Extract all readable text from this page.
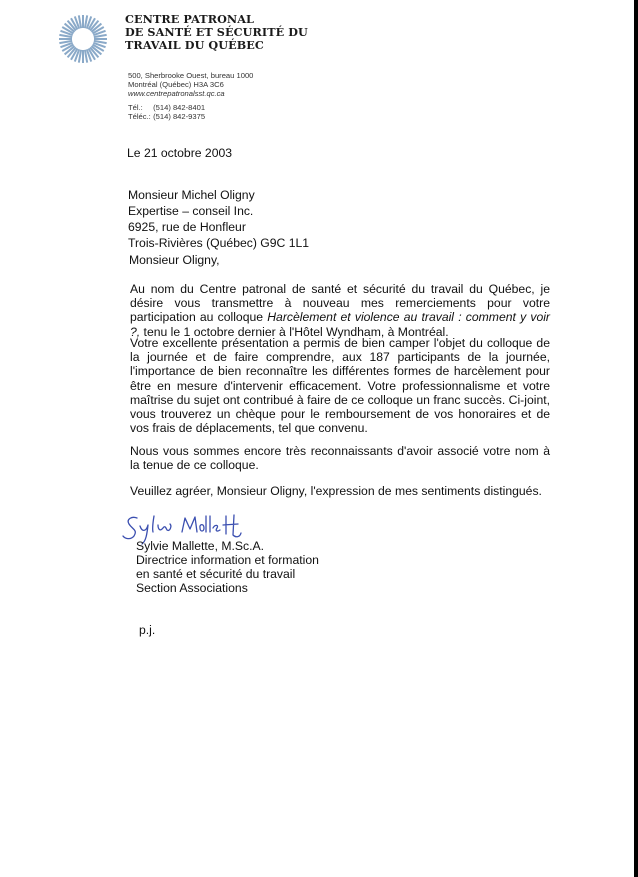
CENTRE PATRONAL
DE SANTÉ ET SÉCURITÉ DU
TRAVAIL DU QUÉBEC
500, Sherbrooke Ouest, bureau 1000
Montréal (Québec) H3A 3C6
www.centrepatronalsst.qc.ca
Tél.: (514) 842-8401
Téléc.: (514) 842-9375
Le 21 octobre 2003
Monsieur Michel Oligny
Expertise – conseil Inc.
6925, rue de Honfleur
Trois-Rivières (Québec) G9C 1L1
Monsieur Oligny,
Au nom du Centre patronal de santé et sécurité du travail du Québec, je désire vous transmettre à nouveau mes remerciements pour votre participation au colloque Harcèlement et violence au travail : comment y voir ?, tenu le 1 octobre dernier à l'Hôtel Wyndham, à Montréal.
Votre excellente présentation a permis de bien camper l'objet du colloque de la journée et de faire comprendre, aux 187 participants de la journée, l'importance de bien reconnaître les différentes formes de harcèlement pour être en mesure d'intervenir efficacement. Votre professionnalisme et votre maîtrise du sujet ont contribué à faire de ce colloque un franc succès. Ci-joint, vous trouverez un chèque pour le remboursement de vos honoraires et de vos frais de déplacements, tel que convenu.
Nous vous sommes encore très reconnaissants d'avoir associé votre nom à la tenue de ce colloque.
Veuillez agréer, Monsieur Oligny, l'expression de mes sentiments distingués.
Sylvie Mallette, M.Sc.A.
Directrice information et formation
en santé et sécurité du travail
Section Associations
p.j.
